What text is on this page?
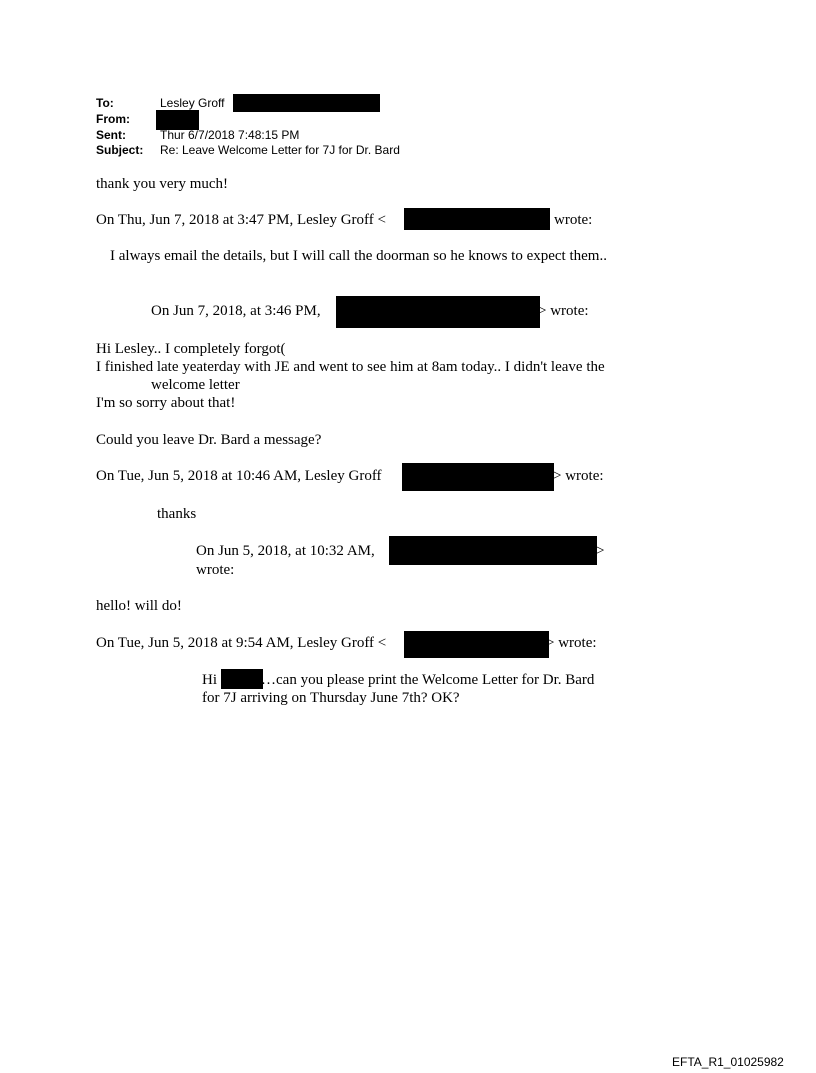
To:	Lesley Groff
From:
Sent:	Thur 6/7/2018 7:48:15 PM
Subject: Re: Leave Welcome Letter for 7J for Dr. Bard
thank you very much!
On Thu, Jun 7, 2018 at 3:47 PM, Lesley Groff <	wrote:
I always email the details, but I will call the doorman so he knows to expect them..
On Jun 7, 2018, at 3:46 PM,	> wrote:
Hi Lesley.. I completely forgot(
I finished late yeaterday with JE and went to see him at 8am today.. I didn't leave the
welcome letter
I'm so sorry about that!
Could you leave Dr. Bard a message?
On Tue, Jun 5, 2018 at 10:46 AM, Lesley Groff	> wrote:
thanks
On Jun 5, 2018, at 10:32 AM,	>
wrote:
hello! will do!
On Tue, Jun 5, 2018 at 9:54 AM, Lesley Groff <	> wrote:
Hi	…can you please print the Welcome Letter for Dr. Bard
for 7J arriving on Thursday June 7th? OK?
EFTA_R1_01025982
